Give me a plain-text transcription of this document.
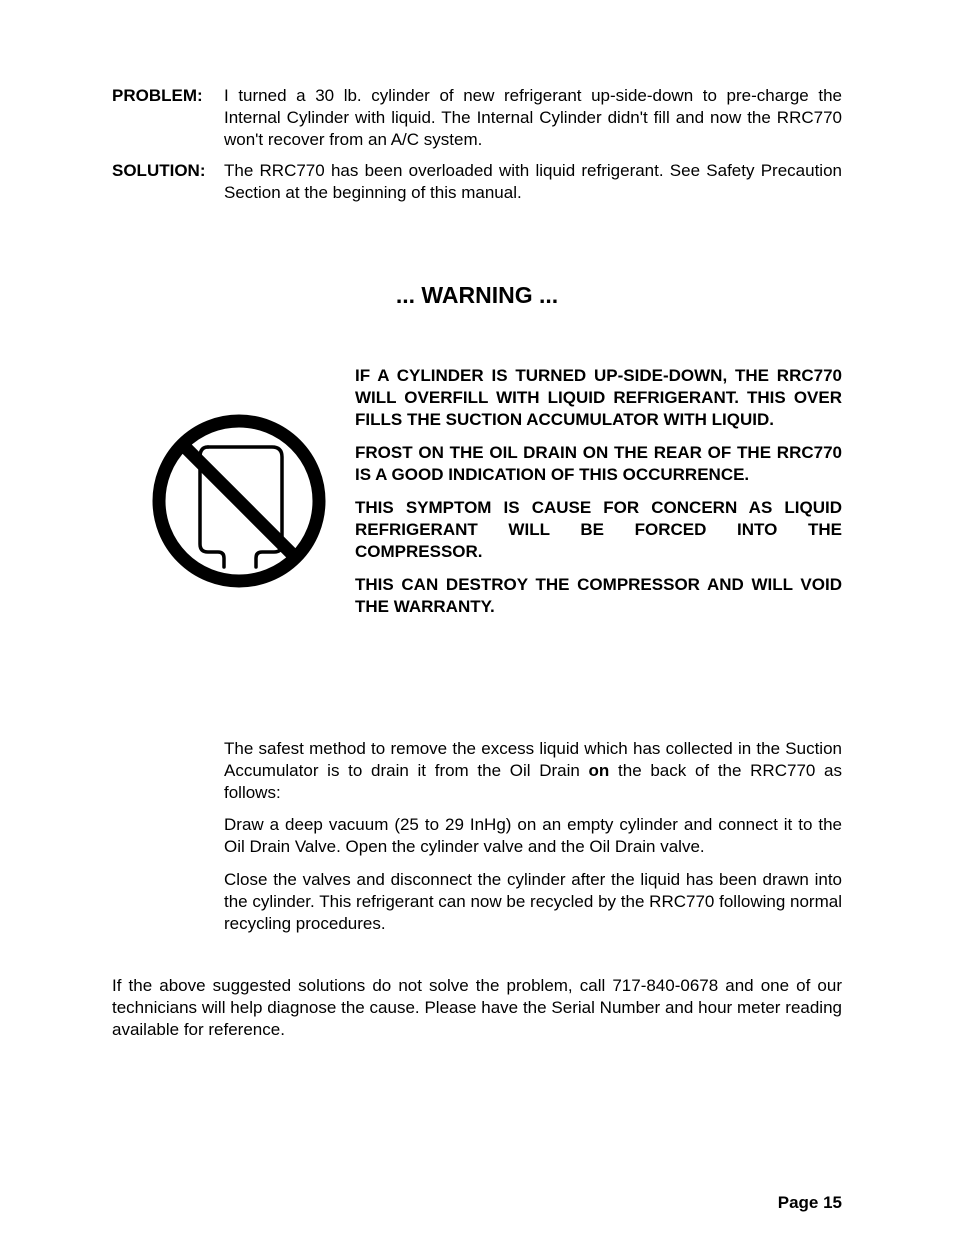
PROBLEM: I turned a 30 lb. cylinder of new refrigerant up-side-down to pre-charge the Internal Cylinder with liquid. The Internal Cylinder didn't fill and now the RRC770 won't recover from an A/C system.
SOLUTION: The RRC770 has been overloaded with liquid refrigerant. See Safety Precaution Section at the beginning of this manual.
... WARNING ...

IF A CYLINDER IS TURNED UP-SIDE-DOWN, THE RRC770 WILL OVERFILL WITH LIQUID REFRIGERANT. THIS OVER FILLS THE SUCTION ACCUMULATOR WITH LIQUID.

FROST ON THE OIL DRAIN ON THE REAR OF THE RRC770 IS A GOOD INDICATION OF THIS OCCURRENCE.

THIS SYMPTOM IS CAUSE FOR CONCERN AS LIQUID REFRIGERANT WILL BE FORCED INTO THE COMPRESSOR.

THIS CAN DESTROY THE COMPRESSOR AND WILL VOID THE WARRANTY.

The safest method to remove the excess liquid which has collected in the Suction Accumulator is to drain it from the Oil Drain on the back of the RRC770 as follows:

Draw a deep vacuum (25 to 29 InHg) on an empty cylinder and connect it to the Oil Drain Valve. Open the cylinder valve and the Oil Drain valve.

Close the valves and disconnect the cylinder after the liquid has been drawn into the cylinder. This refrigerant can now be recycled by the RRC770 following normal recycling procedures.

If the above suggested solutions do not solve the problem, call 717-840-0678 and one of our technicians will help diagnose the cause. Please have the Serial Number and hour meter reading available for reference.
Page 15
